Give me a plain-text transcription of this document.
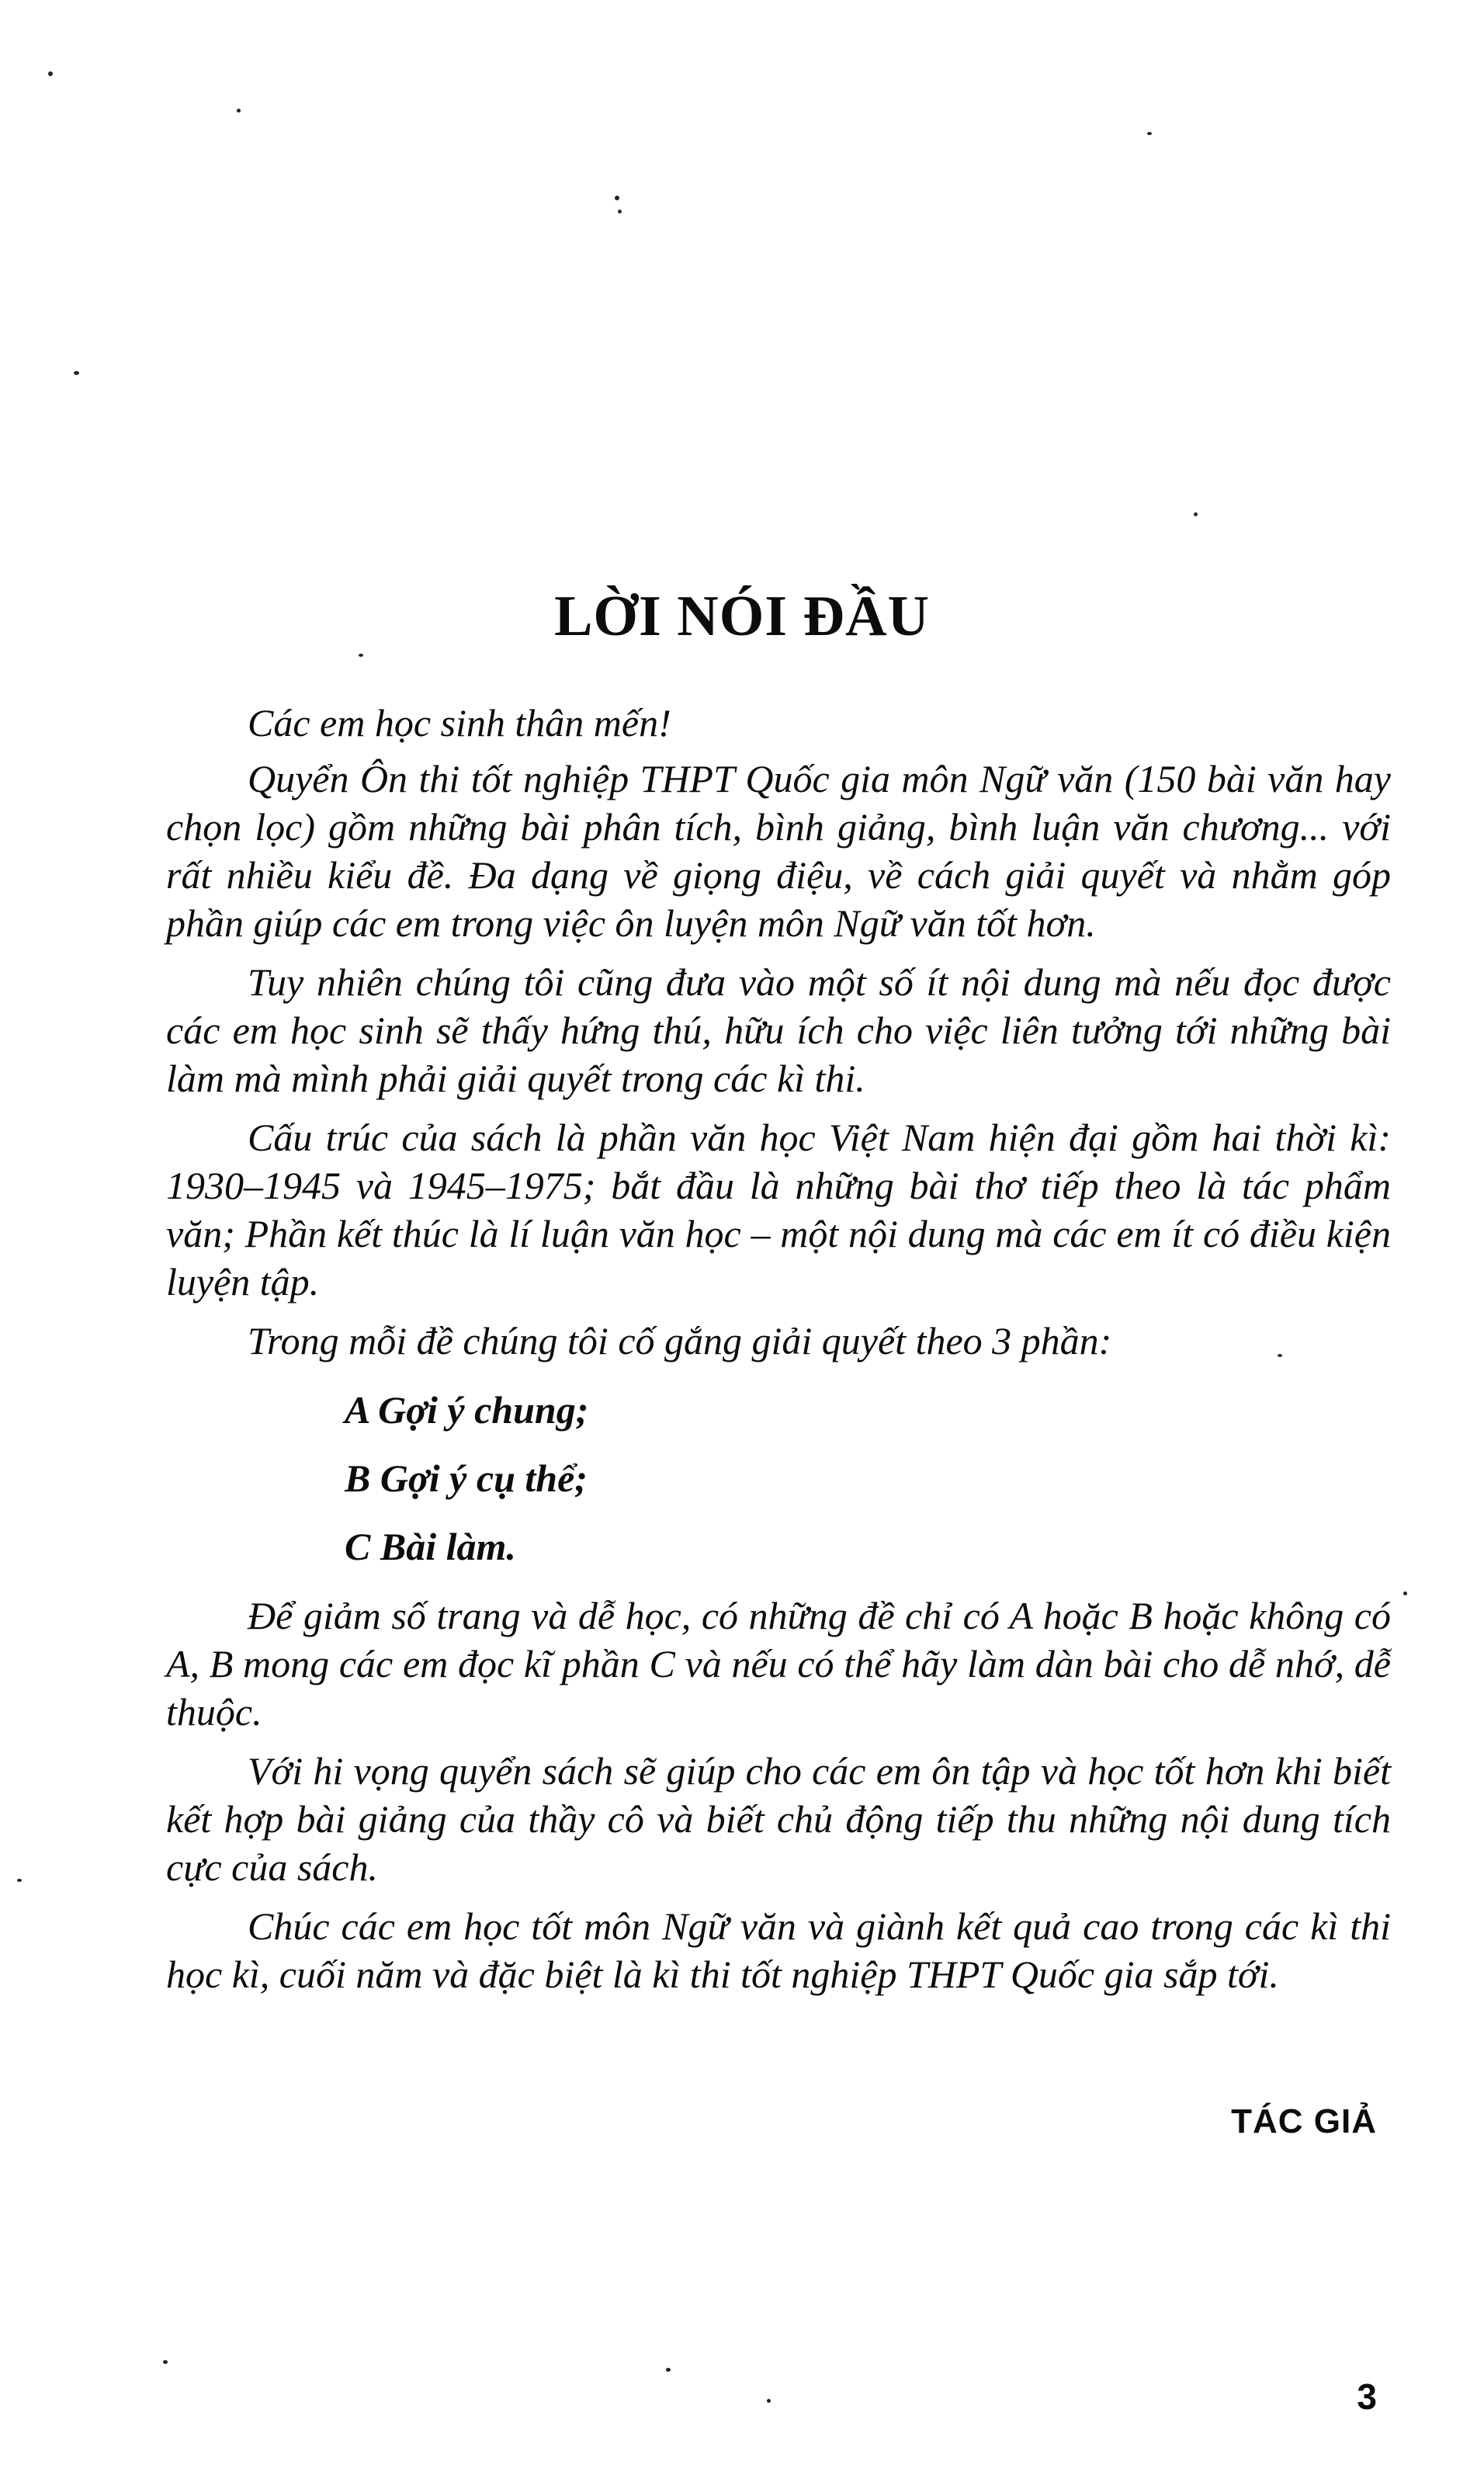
LỜI NÓI ĐẦU

Các em học sinh thân mến!

Quyển Ôn thi tốt nghiệp THPT Quốc gia môn Ngữ văn (150 bài văn hay chọn lọc) gồm những bài phân tích, bình giảng, bình luận văn chương... với rất nhiều kiểu đề. Đa dạng về giọng điệu, về cách giải quyết và nhằm góp phần giúp các em trong việc ôn luyện môn Ngữ văn tốt hơn.

Tuy nhiên chúng tôi cũng đưa vào một số ít nội dung mà nếu đọc được các em học sinh sẽ thấy hứng thú, hữu ích cho việc liên tưởng tới những bài làm mà mình phải giải quyết trong các kì thi.

Cấu trúc của sách là phần văn học Việt Nam hiện đại gồm hai thời kì: 1930–1945 và 1945–1975; bắt đầu là những bài thơ tiếp theo là tác phẩm văn; Phần kết thúc là lí luận văn học – một nội dung mà các em ít có điều kiện luyện tập.

Trong mỗi đề chúng tôi cố gắng giải quyết theo 3 phần:

A Gợi ý chung;
B Gợi ý cụ thể;
C Bài làm.

Để giảm số trang và dễ học, có những đề chỉ có A hoặc B hoặc không có A, B mong các em đọc kĩ phần C và nếu có thể hãy làm dàn bài cho dễ nhớ, dễ thuộc.

Với hi vọng quyển sách sẽ giúp cho các em ôn tập và học tốt hơn khi biết kết hợp bài giảng của thầy cô và biết chủ động tiếp thu những nội dung tích cực của sách.

Chúc các em học tốt môn Ngữ văn và giành kết quả cao trong các kì thi học kì, cuối năm và đặc biệt là kì thi tốt nghiệp THPT Quốc gia sắp tới.

TÁC GIẢ
3
